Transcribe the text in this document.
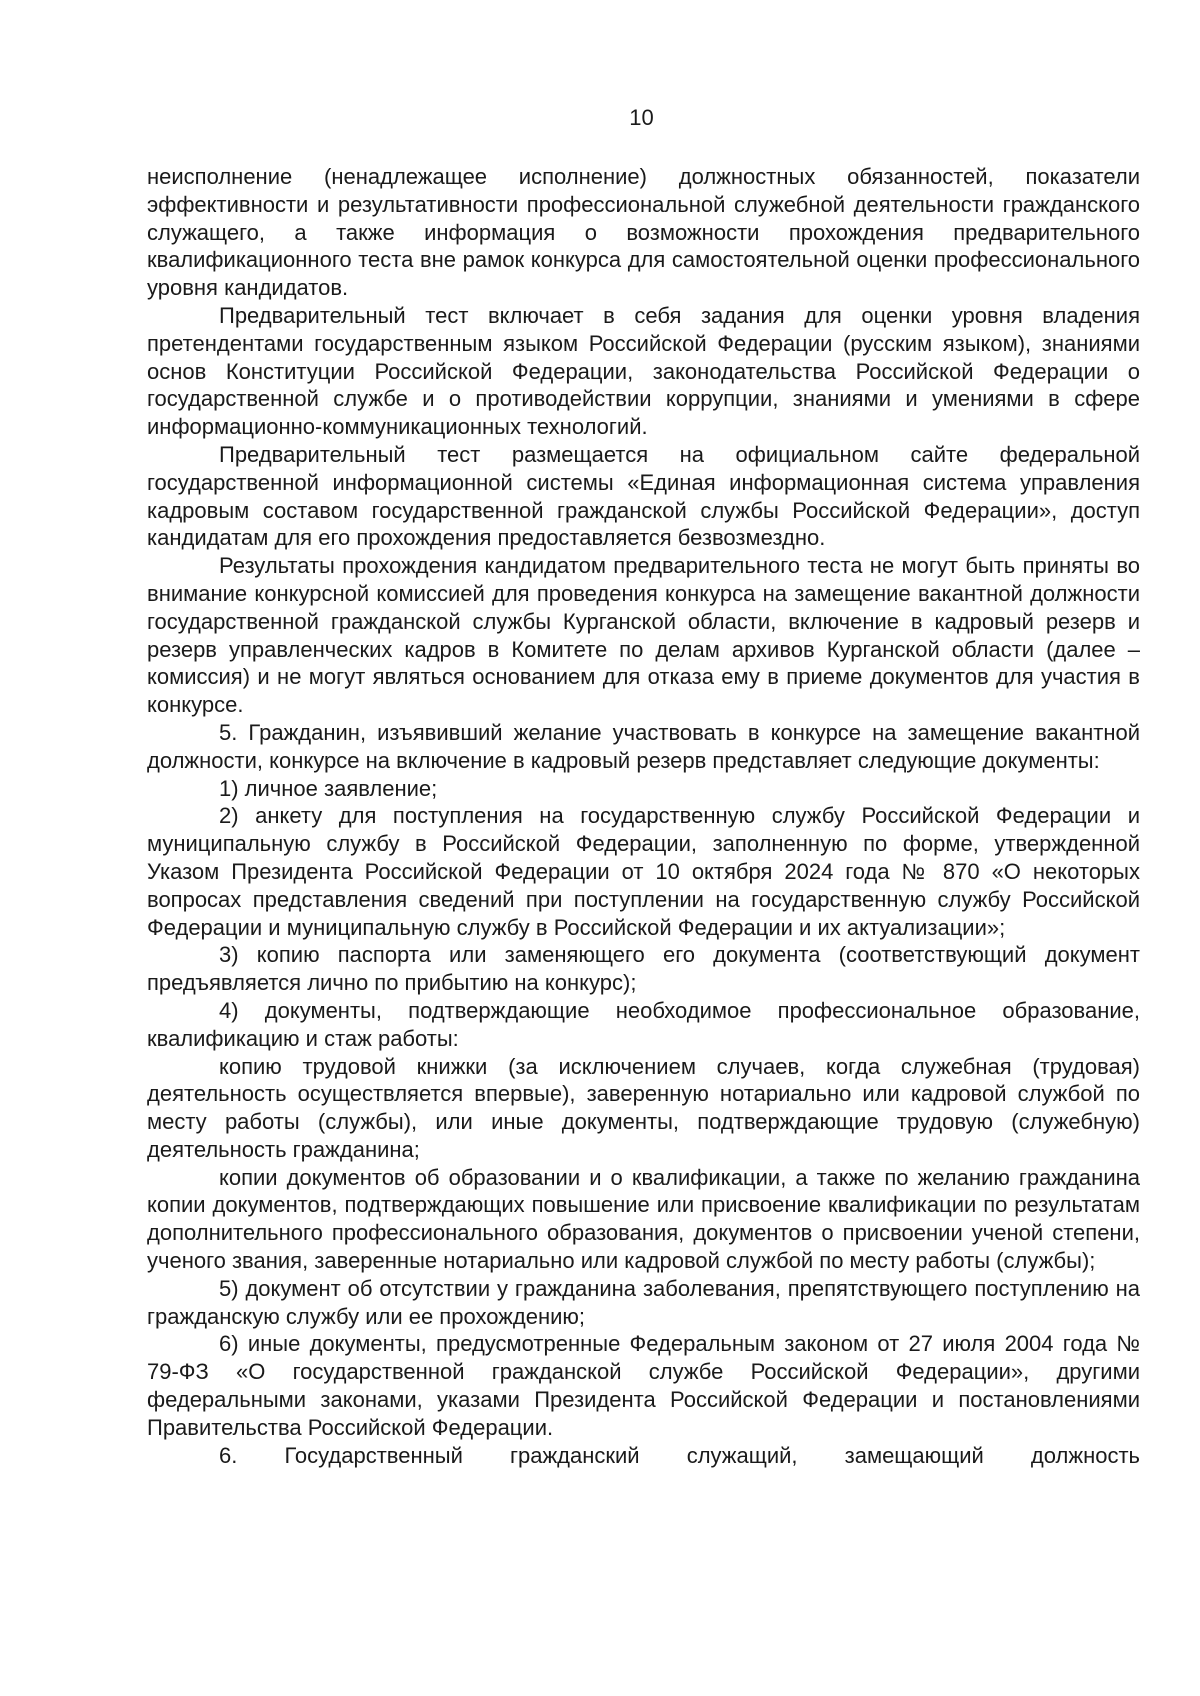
10

неисполнение (ненадлежащее исполнение) должностных обязанностей, показатели эффективности и результативности профессиональной служебной деятельности гражданского служащего, а также информация о возможности прохождения предварительного квалификационного теста вне рамок конкурса для самостоятельной оценки профессионального уровня кандидатов.

Предварительный тест включает в себя задания для оценки уровня владения претендентами государственным языком Российской Федерации (русским языком), знаниями основ Конституции Российской Федерации, законодательства Российской Федерации о государственной службе и о противодействии коррупции, знаниями и умениями в сфере информационно-коммуникационных технологий.

Предварительный тест размещается на официальном сайте федеральной государственной информационной системы «Единая информационная система управления кадровым составом государственной гражданской службы Российской Федерации», доступ кандидатам для его прохождения предоставляется безвозмездно.

Результаты прохождения кандидатом предварительного теста не могут быть приняты во внимание конкурсной комиссией для проведения конкурса на замещение вакантной должности государственной гражданской службы Курганской области, включение в кадровый резерв и резерв управленческих кадров в Комитете по делам архивов Курганской области (далее – комиссия) и не могут являться основанием для отказа ему в приеме документов для участия в конкурсе.

5. Гражданин, изъявивший желание участвовать в конкурсе на замещение вакантной должности, конкурсе на включение в кадровый резерв представляет следующие документы:

1) личное заявление;

2) анкету для поступления на государственную службу Российской Федерации и муниципальную службу в Российской Федерации, заполненную по форме, утвержденной Указом Президента Российской Федерации от 10 октября 2024 года № 870 «О некоторых вопросах представления сведений при поступлении на государственную службу Российской Федерации и муниципальную службу в Российской Федерации и их актуализации»;

3) копию паспорта или заменяющего его документа (соответствующий документ предъявляется лично по прибытию на конкурс);

4) документы, подтверждающие необходимое профессиональное образование, квалификацию и стаж работы:

копию трудовой книжки (за исключением случаев, когда служебная (трудовая) деятельность осуществляется впервые), заверенную нотариально или кадровой службой по месту работы (службы), или иные документы, подтверждающие трудовую (служебную) деятельность гражданина;

копии документов об образовании и о квалификации, а также по желанию гражданина копии документов, подтверждающих повышение или присвоение квалификации по результатам дополнительного профессионального образования, документов о присвоении ученой степени, ученого звания, заверенные нотариально или кадровой службой по месту работы (службы);

5) документ об отсутствии у гражданина заболевания, препятствующего поступлению на гражданскую службу или ее прохождению;

6) иные документы, предусмотренные Федеральным законом от 27 июля 2004 года № 79-ФЗ «О государственной гражданской службе Российской Федерации», другими федеральными законами, указами Президента Российской Федерации и постановлениями Правительства Российской Федерации.

6. Государственный гражданский служащий, замещающий должность
